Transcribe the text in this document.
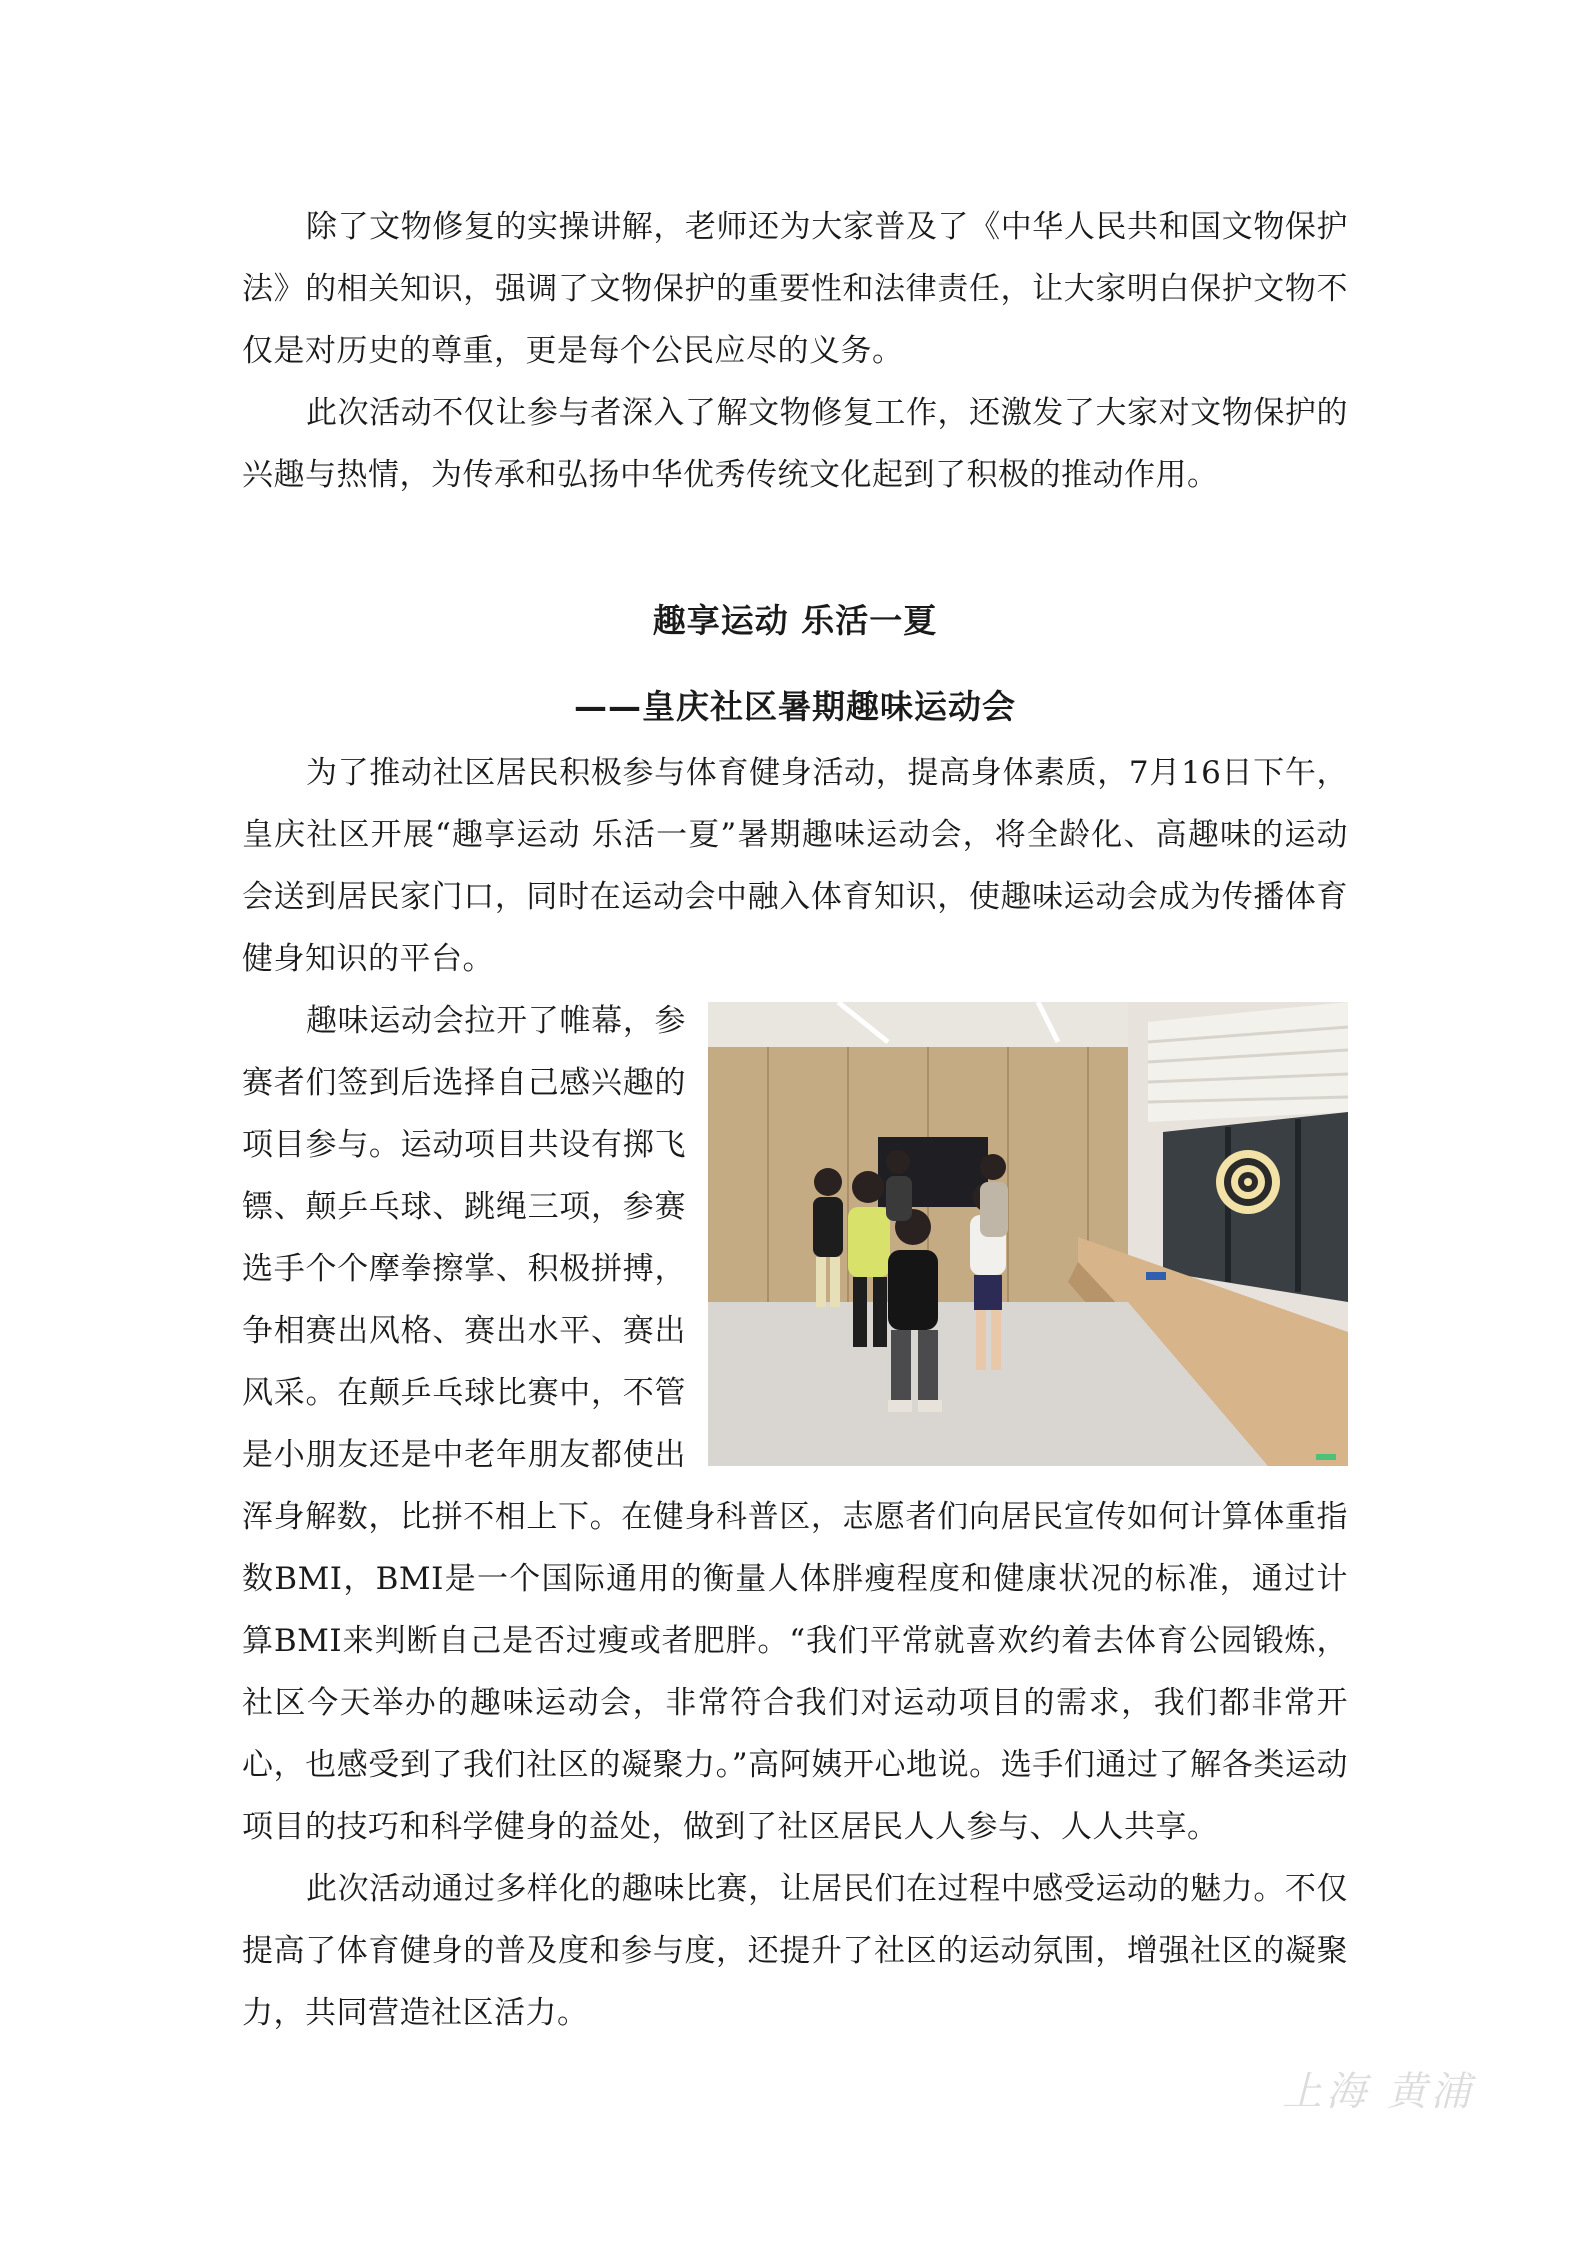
除了文物修复的实操讲解，老师还为大家普及了《中华人民共和国文物保护法》的相关知识，强调了文物保护的重要性和法律责任，让大家明白保护文物不仅是对历史的尊重，更是每个公民应尽的义务。

此次活动不仅让参与者深入了解文物修复工作，还激发了大家对文物保护的兴趣与热情，为传承和弘扬中华优秀传统文化起到了积极的推动作用。

趣享运动 乐活一夏
——皇庆社区暑期趣味运动会

为了推动社区居民积极参与体育健身活动，提高身体素质，7月16日下午，皇庆社区开展“趣享运动 乐活一夏”暑期趣味运动会，将全龄化、高趣味的运动会送到居民家门口，同时在运动会中融入体育知识，使趣味运动会成为传播体育健身知识的平台。

趣味运动会拉开了帷幕，参赛者们签到后选择自己感兴趣的项目参与。运动项目共设有掷飞镖、颠乒乓球、跳绳三项，参赛选手个个摩拳擦掌、积极拼搏，争相赛出风格、赛出水平、赛出风采。在颠乒乓球比赛中，不管是小朋友还是中老年朋友都使出浑身解数，比拼不相上下。在健身科普区，志愿者们向居民宣传如何计算体重指数BMI，BMI是一个国际通用的衡量人体胖瘦程度和健康状况的标准，通过计算BMI来判断自己是否过瘦或者肥胖。“我们平常就喜欢约着去体育公园锻炼，社区今天举办的趣味运动会，非常符合我们对运动项目的需求，我们都非常开心，也感受到了我们社区的凝聚力。”高阿姨开心地说。选手们通过了解各类运动项目的技巧和科学健身的益处，做到了社区居民人人参与、人人共享。

此次活动通过多样化的趣味比赛，让居民们在过程中感受运动的魅力。不仅提高了体育健身的普及度和参与度，还提升了社区的运动氛围，增强社区的凝聚力，共同营造社区活力。

上海 黄浦
